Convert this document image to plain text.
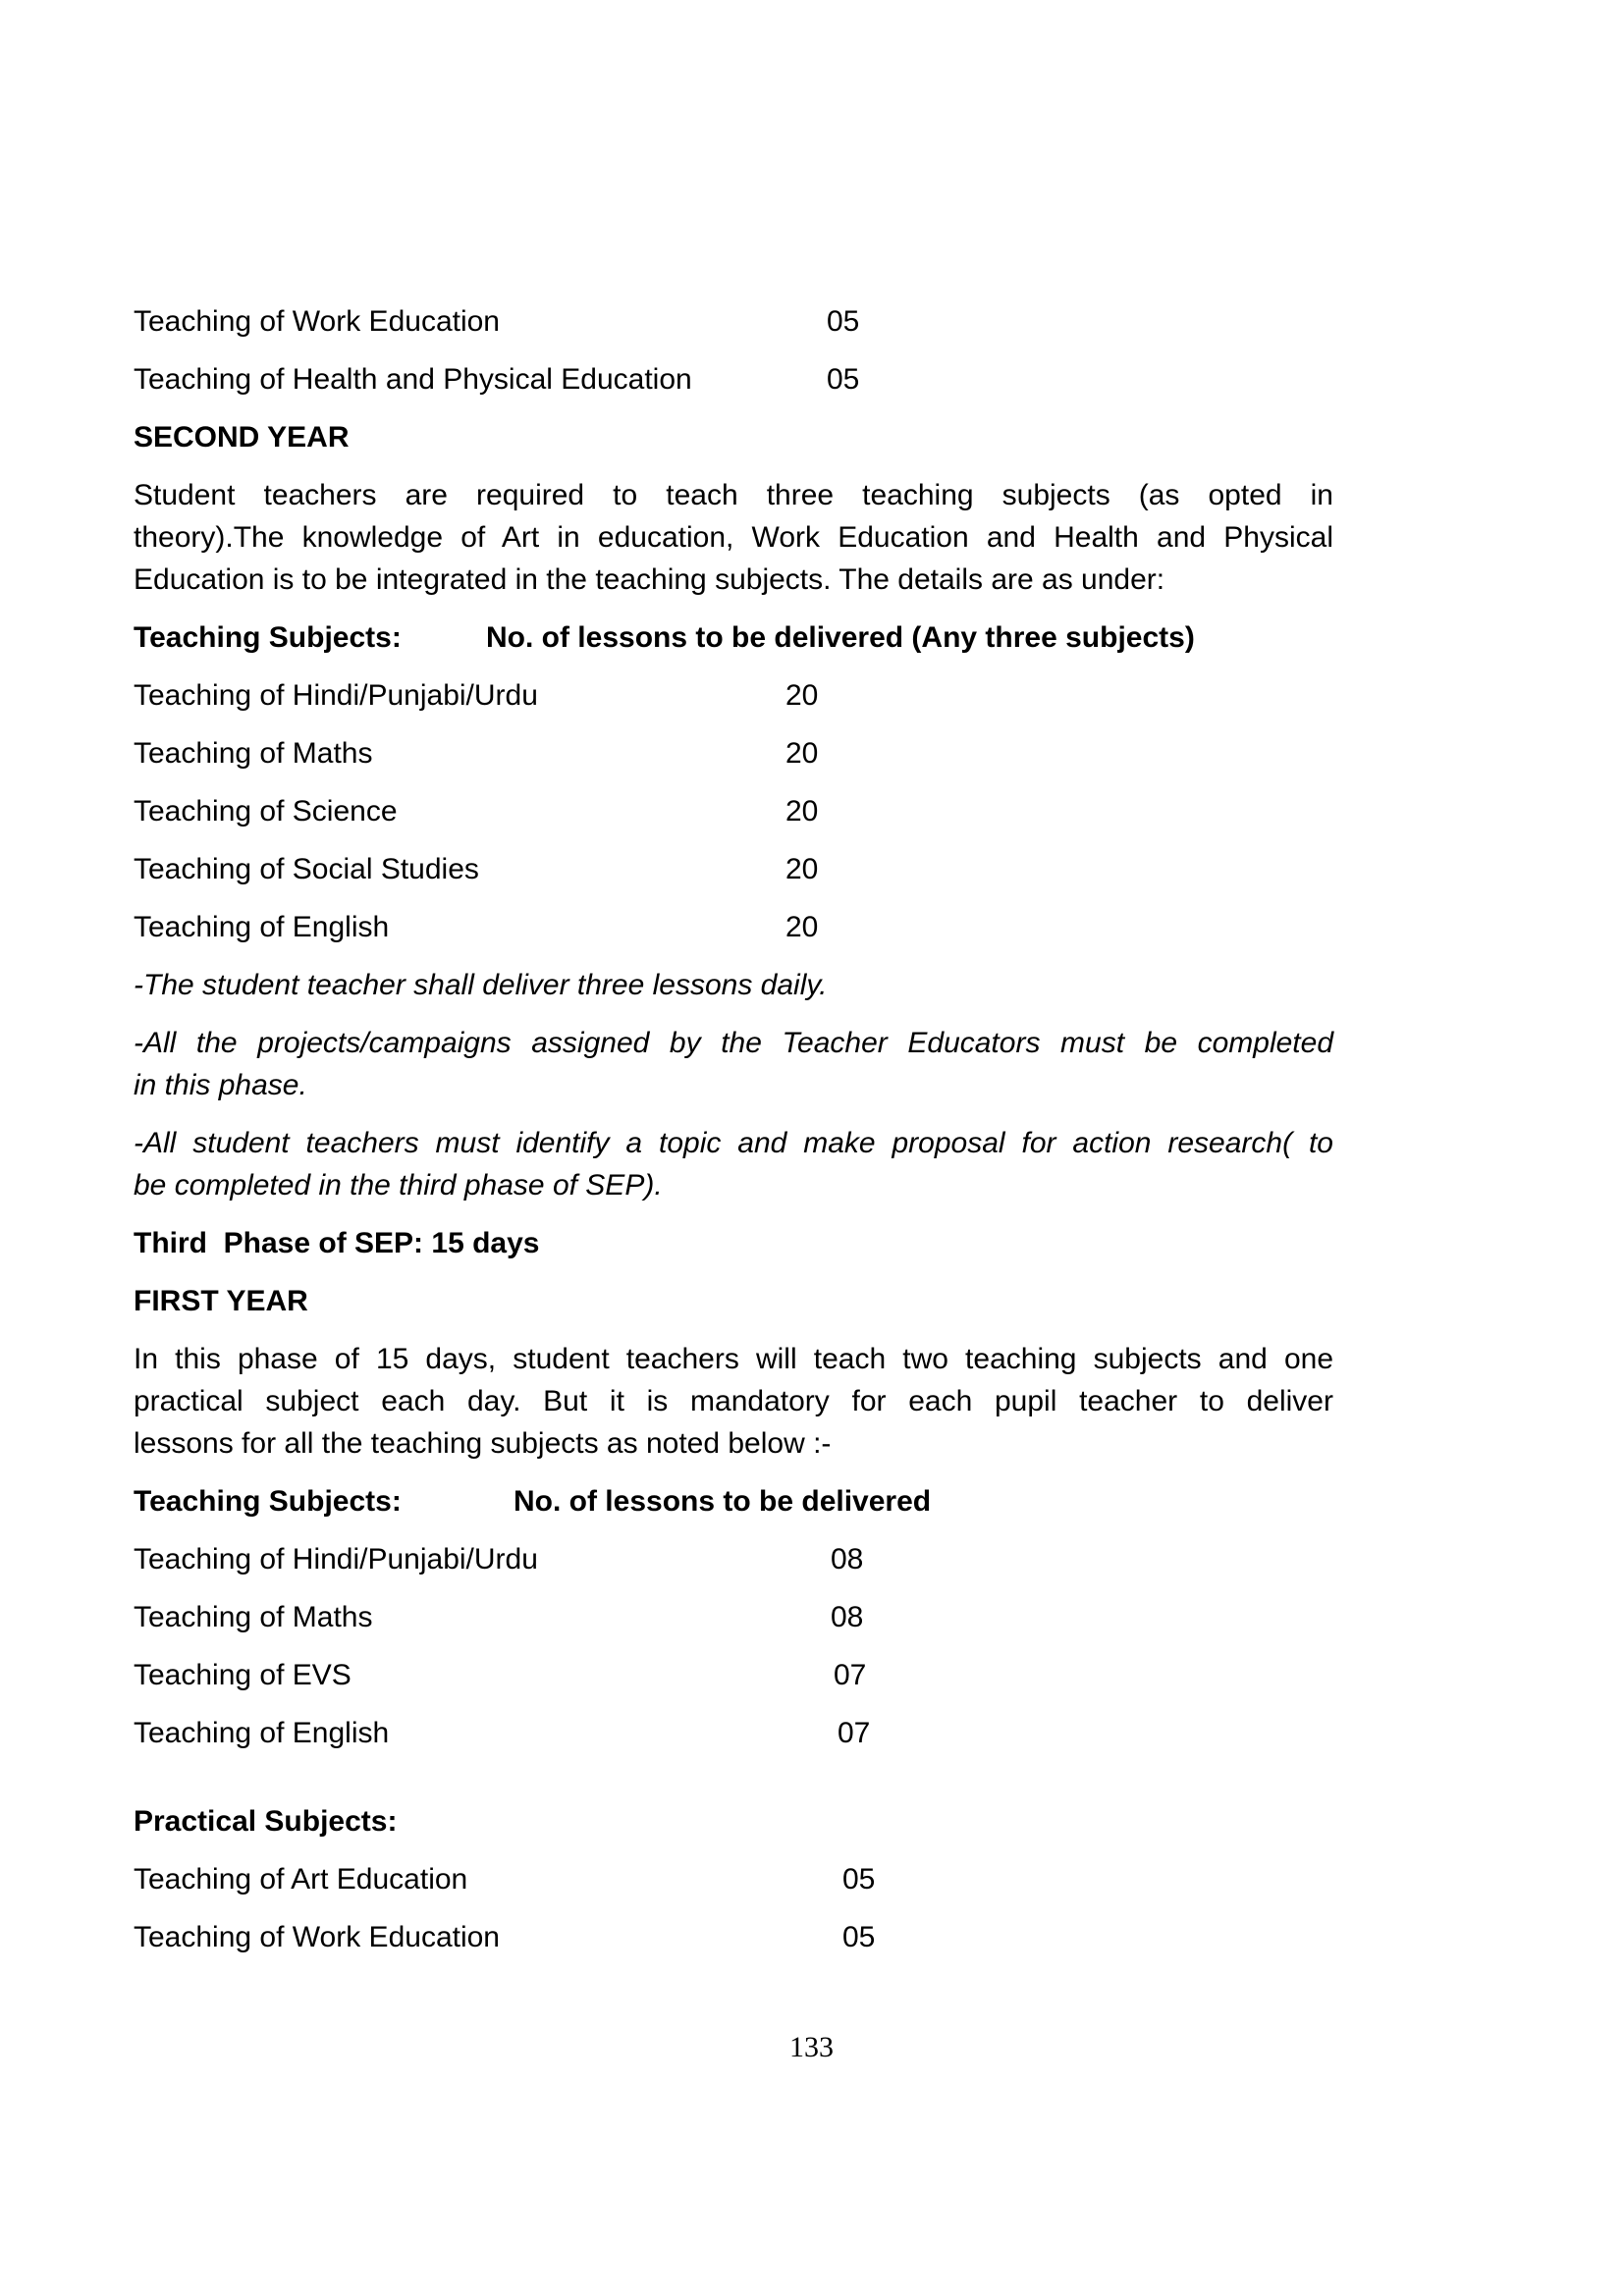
Teaching of Work Education	05
Teaching of Health and Physical Education	05
SECOND YEAR
Student teachers are required to teach three teaching subjects (as opted in
theory).The knowledge of Art in education, Work Education and Health and Physical
Education is to be integrated in the teaching subjects. The details are as under:
Teaching Subjects:	No. of lessons to be delivered (Any three subjects)
Teaching of Hindi/Punjabi/Urdu	20
Teaching of Maths	20
Teaching of Science	20
Teaching of Social Studies	20
Teaching of English	20
-The student teacher shall deliver three lessons daily.
-All the projects/campaigns assigned by the Teacher Educators must be completed
in this phase.
-All student teachers must identify a topic and make proposal for action research( to
be completed in the third phase of SEP).
Third  Phase of SEP: 15 days
FIRST YEAR
In this phase of 15 days, student teachers will teach two teaching subjects and one
practical subject each day. But it is mandatory for each pupil teacher to deliver
lessons for all the teaching subjects as noted below :-
Teaching Subjects:	No. of lessons to be delivered
Teaching of Hindi/Punjabi/Urdu	08
Teaching of Maths	08
Teaching of EVS	07
Teaching of English	07
Practical Subjects:
Teaching of Art Education	05
Teaching of Work Education	05
133
